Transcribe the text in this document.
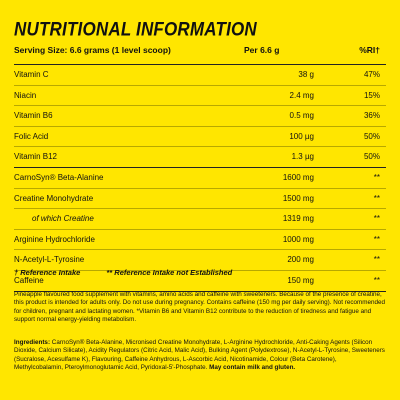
NUTRITIONAL INFORMATION
Serving Size: 6.6 grams (1 level scoop)	Per 6.6 g	%RI†
Vitamin C	38 g	47%
Niacin	2.4 mg	15%
Vitamin B6	0.5 mg	36%
Folic Acid	100 µg	50%
Vitamin B12	1.3 µg	50%
CarnoSyn® Beta-Alanine	1600 mg	**
Creatine Monohydrate	1500 mg	**
of which Creatine	1319 mg	**
Arginine Hydrochloride	1000 mg	**
N-Acetyl-L-Tyrosine	200 mg	**
Caffeine	150 mg	**
† Reference Intake	** Reference Intake not Established
Pineapple flavoured food supplement with vitamins, amino acids and caffeine with sweeteners. Because of the presence of creatine, this product is intended for adults only. Do not use during pregnancy. Contains caffeine (150 mg per daily serving). Not recommended for children, pregnant and lactating women. *Vitamin B6 and Vitamin B12 contribute to the reduction of tiredness and fatigue and support normal energy-yielding metabolism.
Ingredients: CarnoSyn® Beta-Alanine, Micronised Creatine Monohydrate, L-Arginine Hydrochloride, Anti-Caking Agents (Silicon Dioxide, Calcium Silicate), Acidity Regulators (Citric Acid, Malic Acid), Bulking Agent (Polydextrose), N-Acetyl-L-Tyrosine, Sweeteners (Sucralose, Acesulfame K), Flavouring, Caffeine Anhydrous, L-Ascorbic Acid, Nicotinamide, Colour (Beta Carotene), Methylcobalamin, Pteroylmonoglutamic Acid, Pyridoxal-5'-Phosphate. May contain milk and gluten.
